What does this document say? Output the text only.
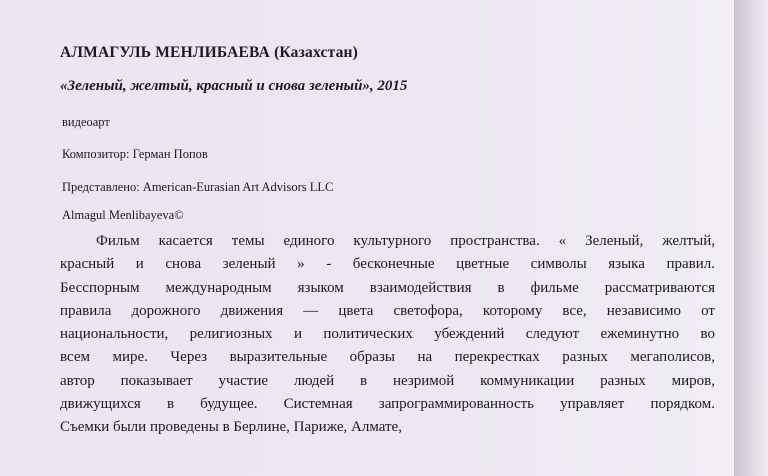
АЛМАГУЛЬ МЕНЛИБАЕВА (Казахстан)
«Зеленый, желтый, красный и снова зеленый», 2015
видеоарт
Композитор: Герман Попов
Представлено: American-Eurasian Art Advisors LLC
Almagul Menlibayeva©
Фильм касается темы единого культурного пространства. « Зеленый, желтый,
красный и снова зеленый » - бесконечные цветные символы языка правил.
Бесспорным международным языком взаимодействия в фильме рассматриваются
правила дорожного движения — цвета светофора, которому все, независимо от
национальности, религиозных и политических убеждений следуют ежеминутно во
всем мире. Через выразительные образы на перекрестках разных мегаполисов,
автор показывает участие людей в незримой коммуникации разных миров,
движущихся в будущее. Системная запрограммированность управляет порядком.
Съемки были проведены в Берлине, Париже, Алмате,
